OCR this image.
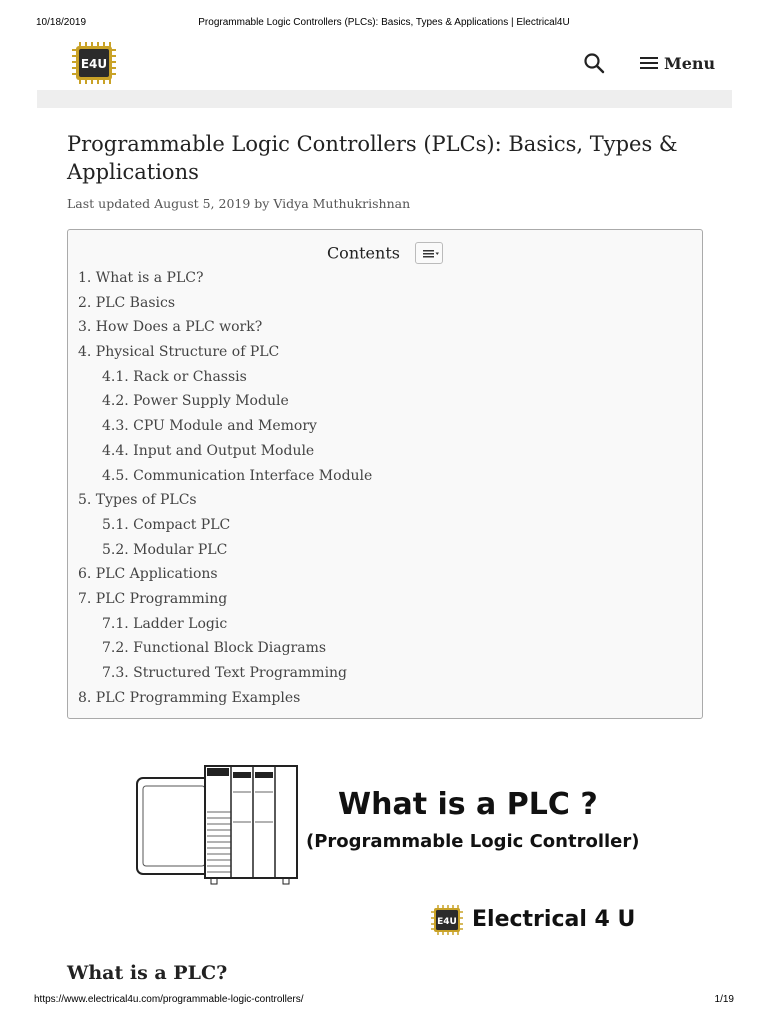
10/18/2019	Programmable Logic Controllers (PLCs): Basics, Types & Applications | Electrical4U
E4U	Menu
Programmable Logic Controllers (PLCs): Basics, Types & Applications
Last updated August 5, 2019 by Vidya Muthukrishnan
Contents
1. What is a PLC?
2. PLC Basics
3. How Does a PLC work?
4. Physical Structure of PLC
4.1. Rack or Chassis
4.2. Power Supply Module
4.3. CPU Module and Memory
4.4. Input and Output Module
4.5. Communication Interface Module
5. Types of PLCs
5.1. Compact PLC
5.2. Modular PLC
6. PLC Applications
7. PLC Programming
7.1. Ladder Logic
7.2. Functional Block Diagrams
7.3. Structured Text Programming
8. PLC Programming Examples
What is a PLC ?
(Programmable Logic Controller)
E4U Electrical 4 U
What is a PLC?
https://www.electrical4u.com/programmable-logic-controllers/	1/19
